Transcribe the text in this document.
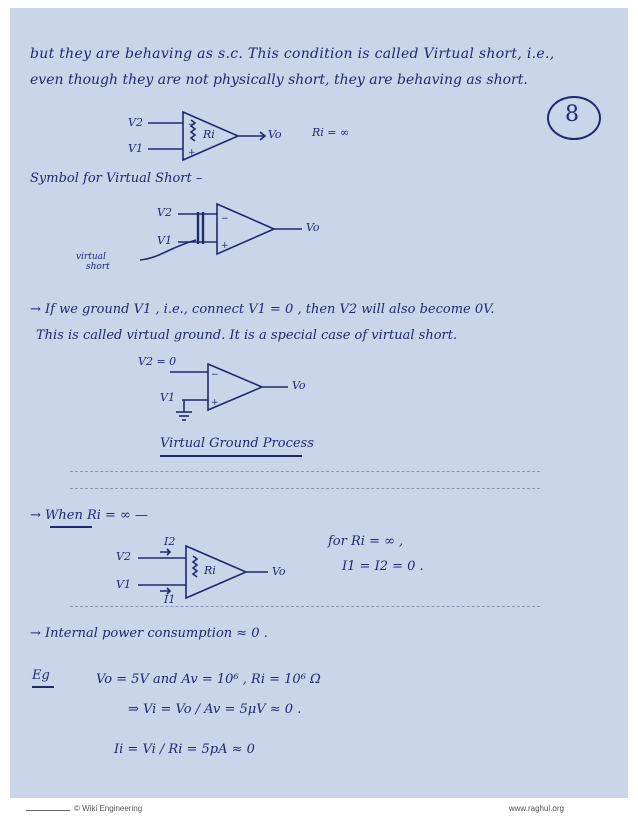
but they are behaving as s.c. This condition is called Virtual short, i.e.,
even though they are not physically short, they are behaving as short.
8
−
+
−
+
−
+
V2
V1
Ri	Vo	Ri = ∞
Symbol for Virtual Short –
V2
V1
Vo
virtual
short
→ If we ground V1 , i.e., connect V1 = 0 , then V2 will also become 0V.
This is called virtual ground. It is a special case of virtual short.
V2 = 0
V1
Vo
Virtual Ground Process
→ When Ri = ∞ —
I2
V2
V1
I1
Ri	Vo
for Ri = ∞ ,
I1 = I2 = 0 .
→ Internal power consumption ≈ 0 .
Eg	Vo = 5V and Av = 10⁶ , Ri = 10⁶ Ω
⇒ Vi = Vo / Av = 5μV ≈ 0 .
Ii = Vi / Ri = 5pA ≈ 0
© Wiki Engineering	www.raghul.org
